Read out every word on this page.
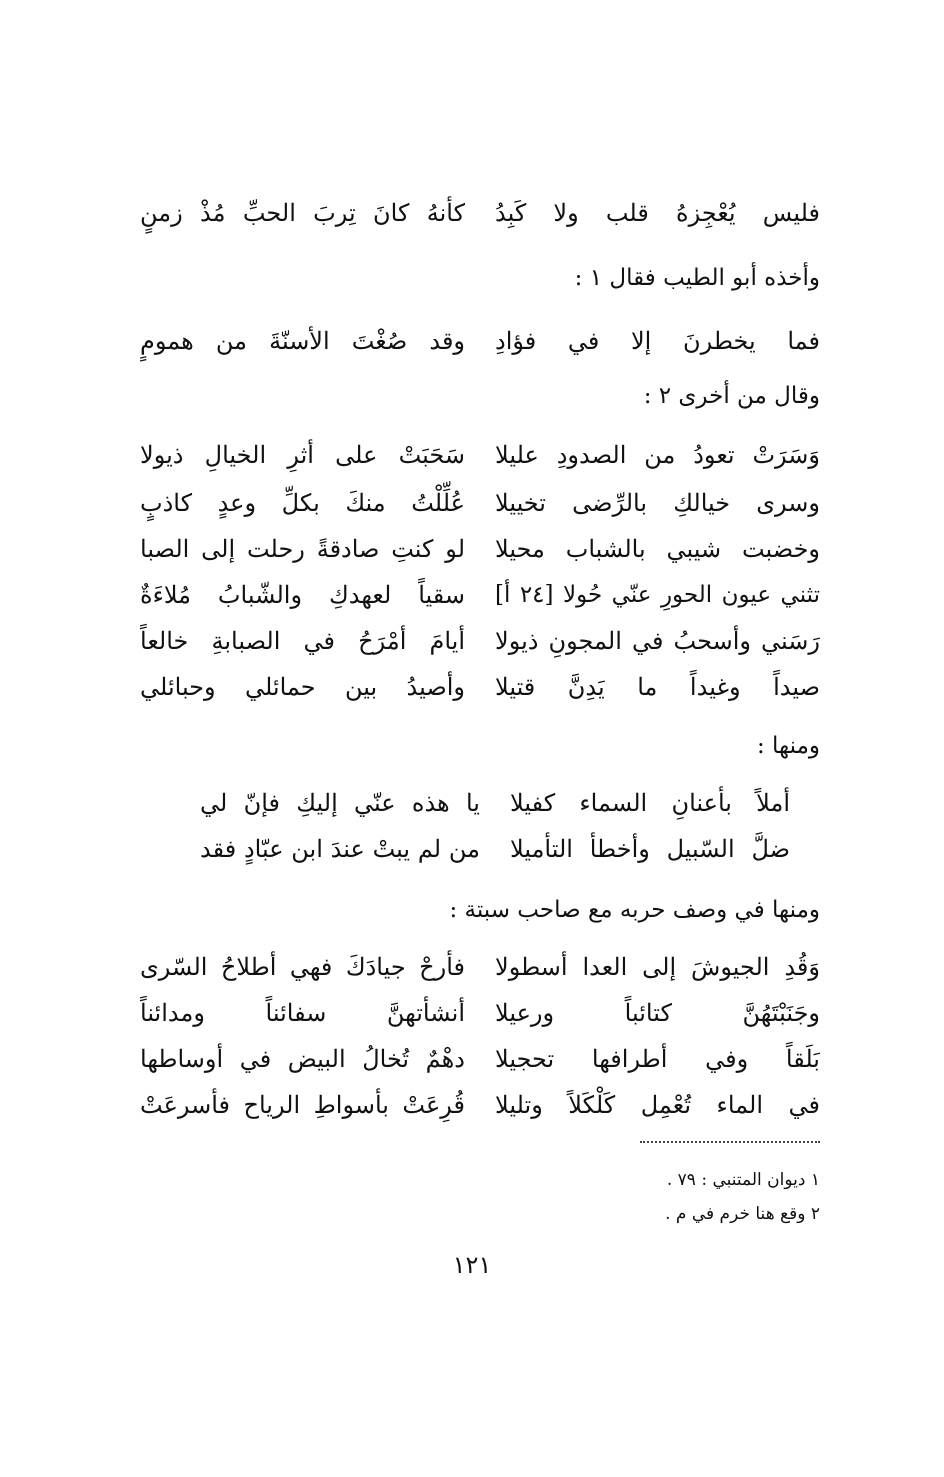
كأنهُ كانَ تِربَ الحبِّ مُذْ زمنٍ فليس يُعْجِزهُ قلب ولا كَبِدُ
وأخذه أبو الطيب فقال ١ :
وقد صُغْتَ الأسنّةَ من همومٍ فما يخطرنَ إلا في فؤادِ
وقال من أخرى ٢ :
سَحَبَتْ على أثرِ الخيالِ ذيولا وَسَرَتْ تعودُ من الصدودِ عليلا
عُلِّلْتُ منكَ بكلِّ وعدٍ كاذبٍ وسرى خيالكِ بالرِّضى تخييلا
لو كنتِ صادقةً رحلت إلى الصبا وخضبت شيبي بالشباب محيلا
سقياً لعهدكِ والشّبابُ مُلاءَةٌ تثني عيون الحورِ عنّي حُولا [٢٤ أ]
أيامَ أمْرَحُ في الصبابةِ خالعاً رَسَني وأسحبُ في المجونِ ذيولا
وأصيدُ بين حمائلي وحبائلي صيداً وغيداً ما يَدِنَّ قتيلا
ومنها :
يا هذه عنّي إليكِ فإنّ لي أملاً بأعنانِ السماء كفيلا
من لم يبتْ عندَ ابن عبّادٍ فقد ضلَّ السّبيل وأخطأ التأميلا
ومنها في وصف حربه مع صاحب سبتة :
فأرحْ جيادَكَ فهي أطلاحُ السّرى وَقُدِ الجيوشَ إلى العدا أسطولا
أنشأتهنَّ سفائناً ومدائناً وجَنَبْتَهُنَّ كتائباً ورعيلا
دهْمٌ تُخالُ البيض في أوساطها بَلَقاً وفي أطرافها تحجيلا
قُرِعَتْ بأسواطِ الرياح فأسرعَتْ في الماء تُعْمِل كَلْكَلاً وتليلا
١ ديوان المتنبي : ٧٩ .
٢ وقع هنا خرم في م .
١٢١
